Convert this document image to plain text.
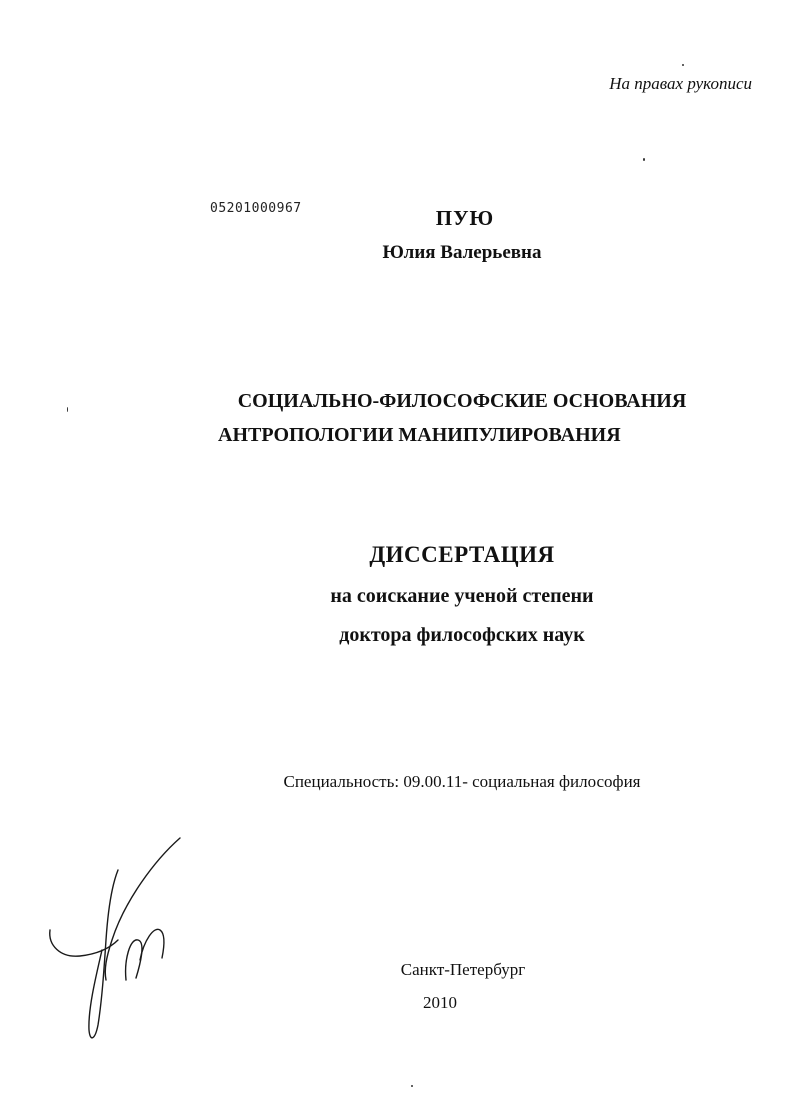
На правах рукописи
05201000967	ПУЮ
Юлия Валерьевна
СОЦИАЛЬНО-ФИЛОСОФСКИЕ ОСНОВАНИЯ
АНТРОПОЛОГИИ МАНИПУЛИРОВАНИЯ
ДИССЕРТАЦИЯ
на соискание ученой степени
доктора философских наук
Специальность: 09.00.11- социальная философия
Санкт-Петербург
2010
